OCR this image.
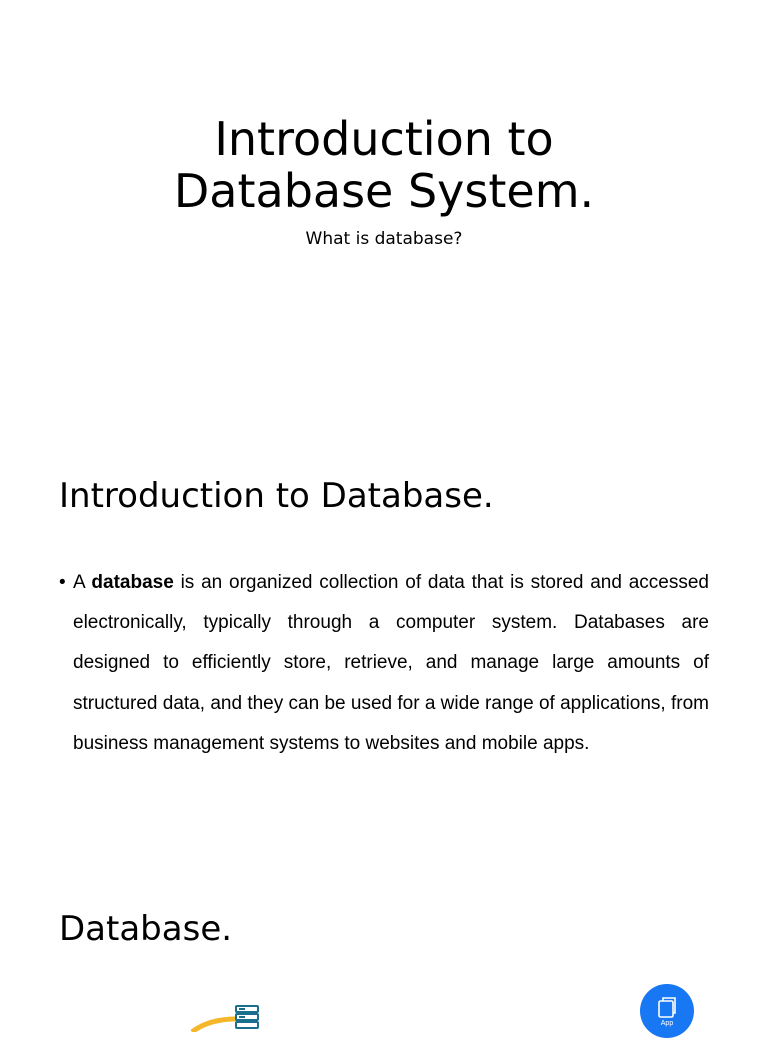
Introduction to
Database System.
What is database?
Introduction to Database.
• A database is an organized collection of data that is stored and accessed electronically, typically through a computer system. Databases are designed to efficiently store, retrieve, and manage large amounts of structured data, and they can be used for a wide range of applications, from business management systems to websites and mobile apps.

Database.
App
